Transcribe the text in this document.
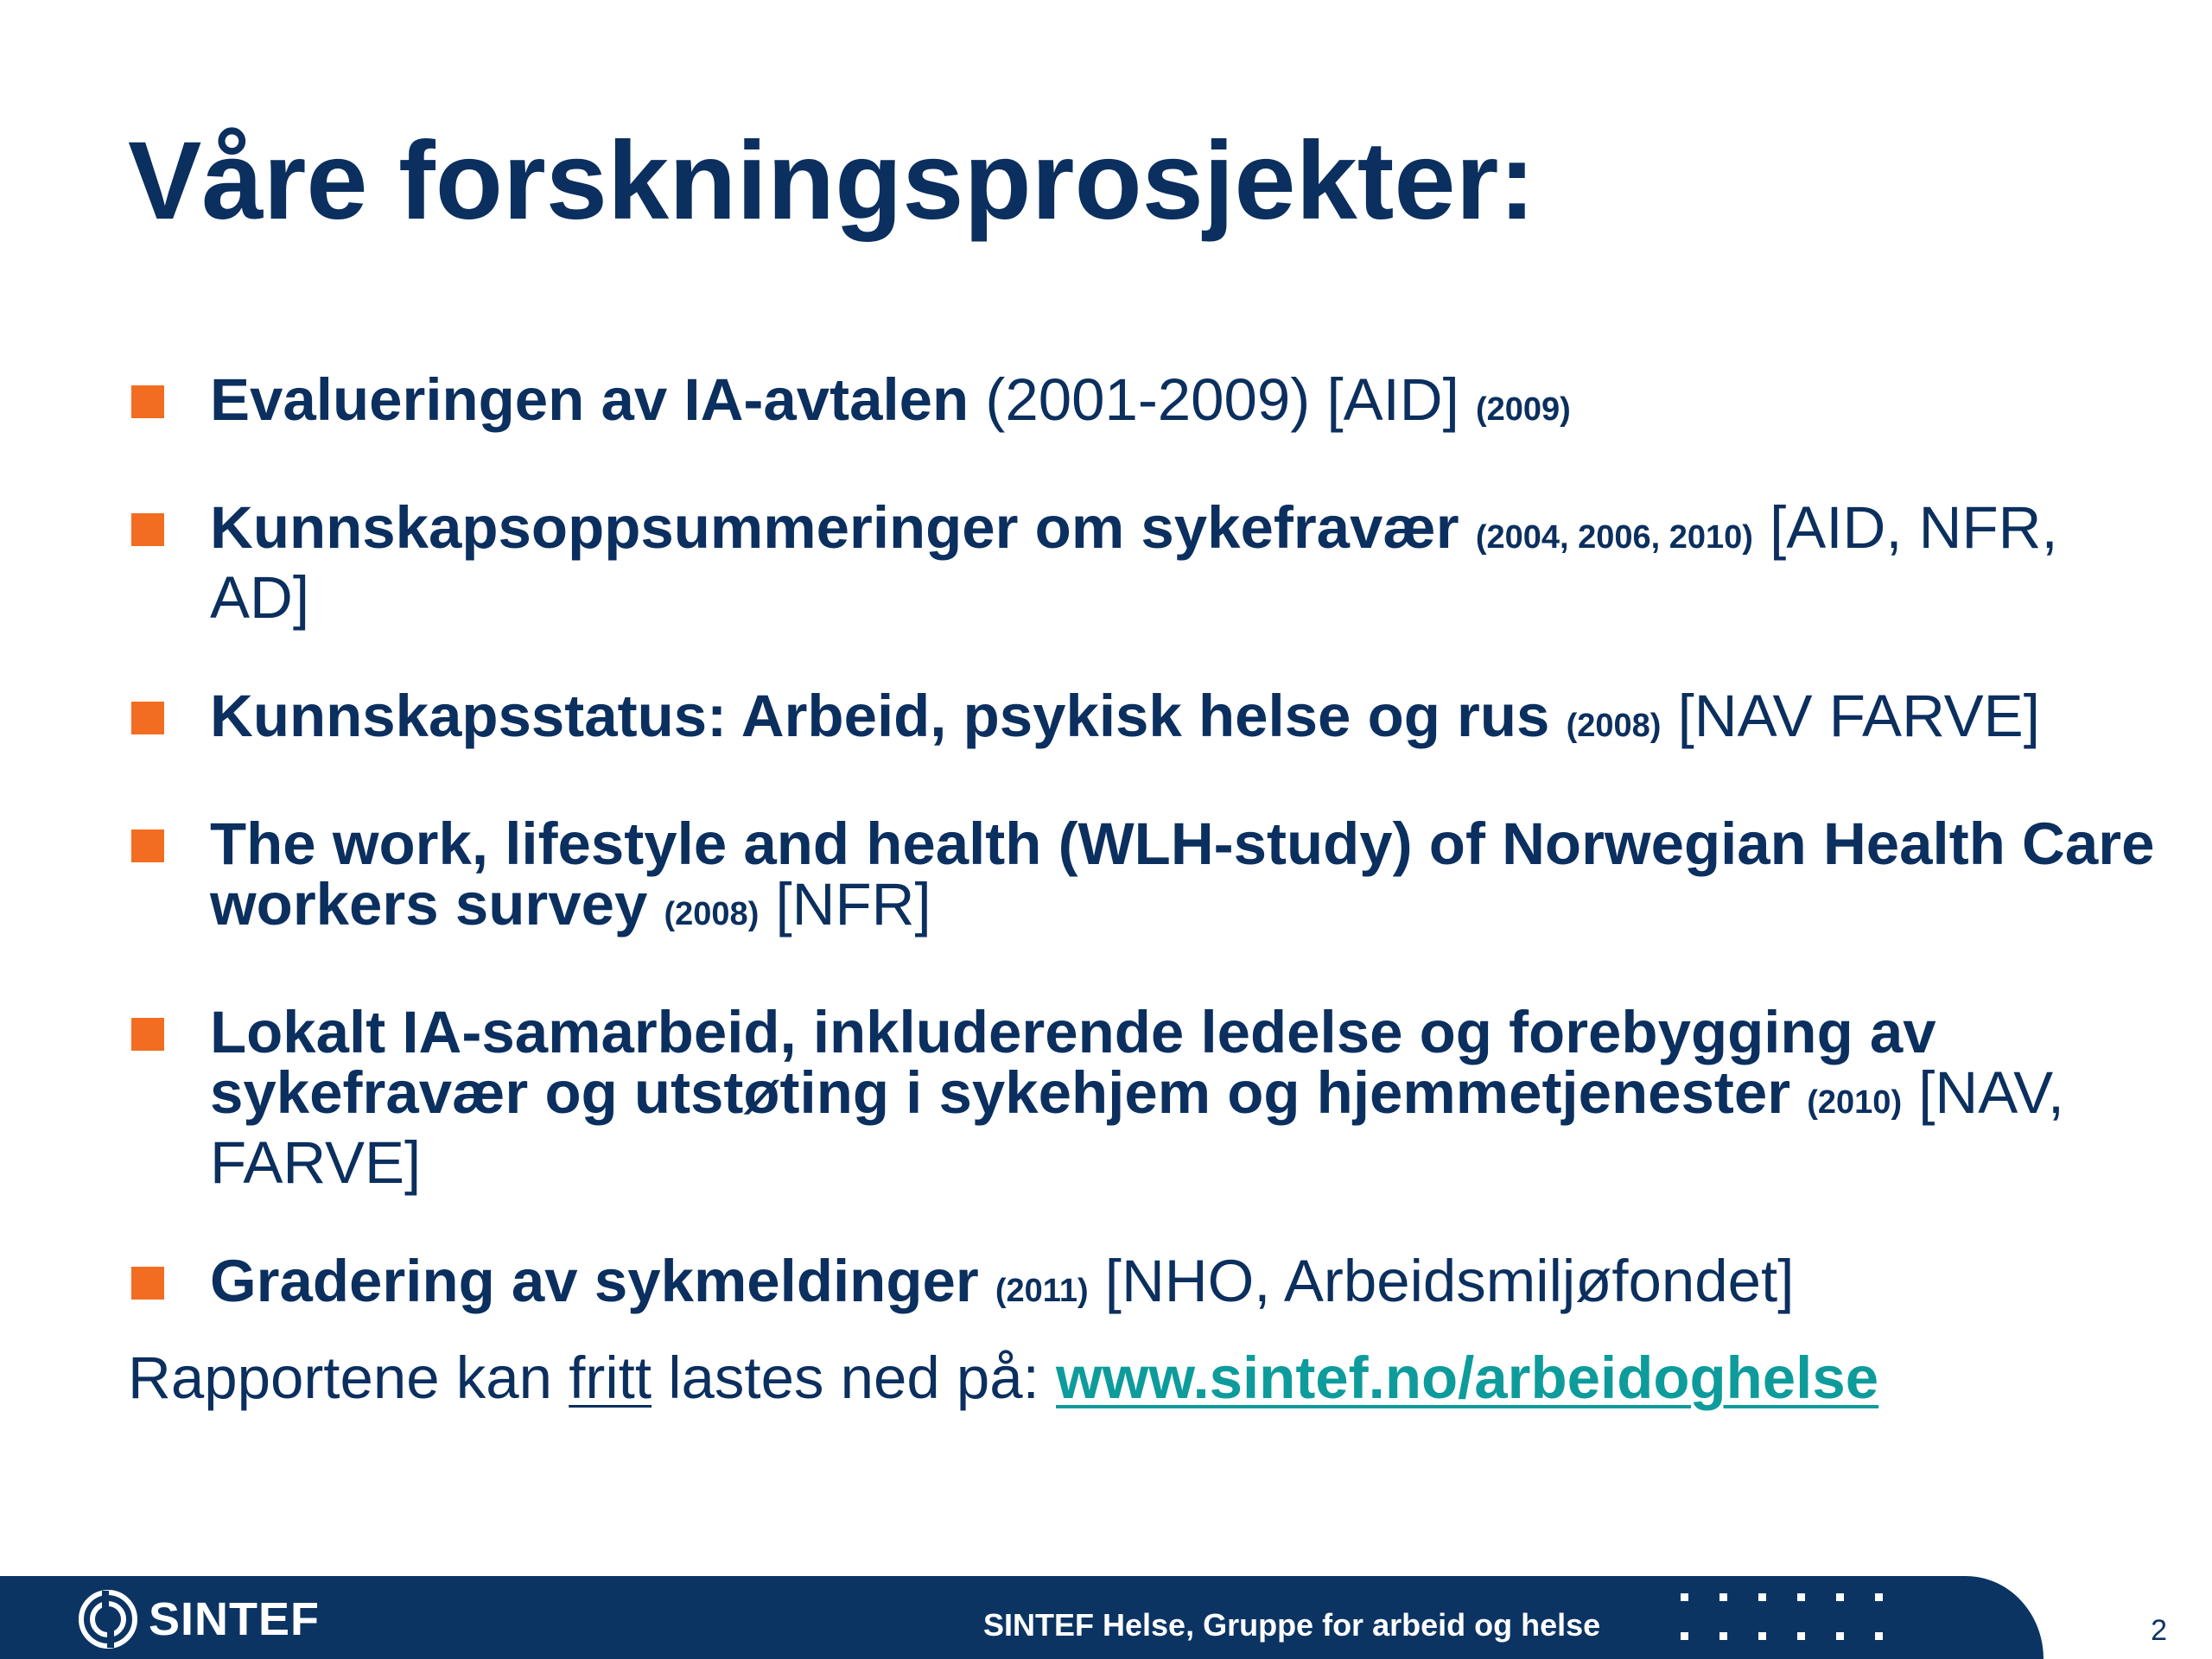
Våre forskningsprosjekter:
Evalueringen av IA-avtalen (2001-2009) [AID] (2009)
Kunnskapsoppsummeringer om sykefravær (2004, 2006, 2010) [AID, NFR, AD]
Kunnskapsstatus: Arbeid, psykisk helse og rus (2008) [NAV FARVE]
The work, lifestyle and health (WLH-study) of Norwegian Health Care workers survey (2008) [NFR]
Lokalt IA-samarbeid, inkluderende ledelse og forebygging av sykefravær og utstøting i sykehjem og hjemmetjenester (2010) [NAV, FARVE]
Gradering av sykmeldinger (2011) [NHO, Arbeidsmiljøfondet]
Rapportene kan fritt lastes ned på: www.sintef.no/arbeidoghelse
SINTEF	SINTEF Helse, Gruppe for arbeid og helse	2
